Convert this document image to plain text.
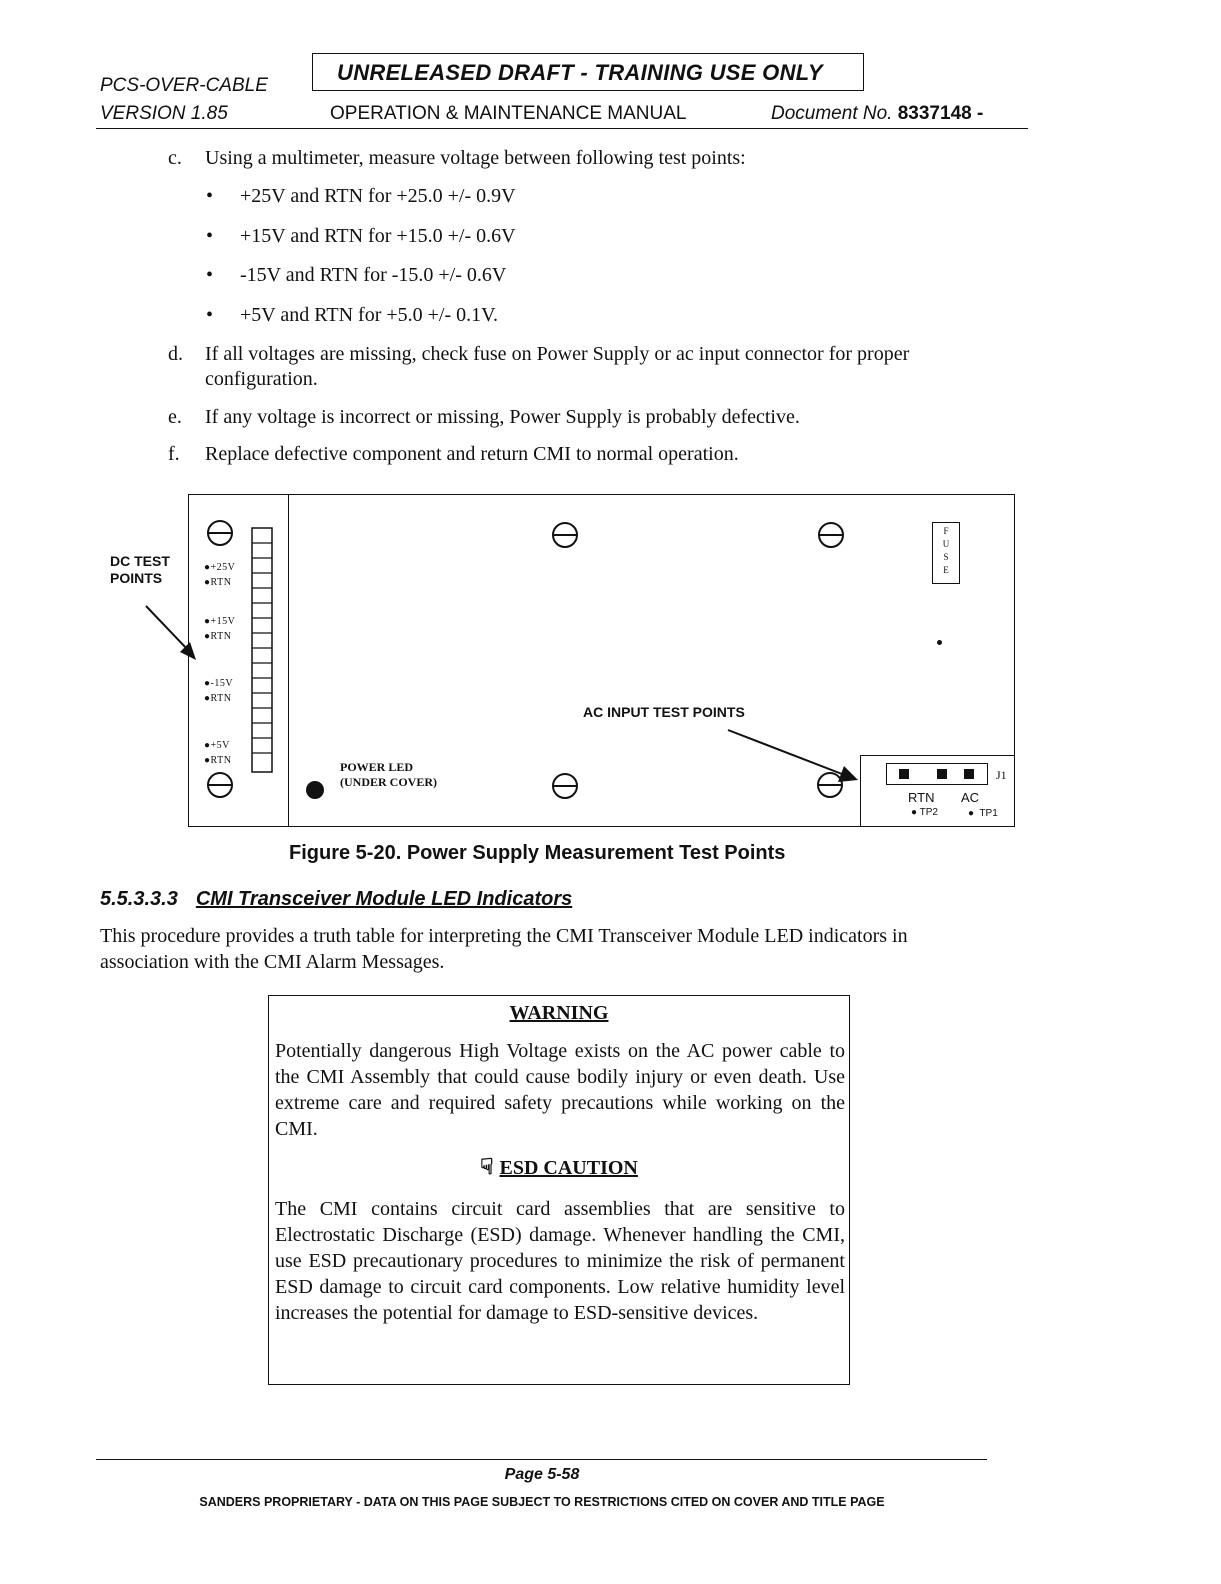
PCS-OVER-CABLE
VERSION 1.85
UNRELEASED DRAFT - TRAINING USE ONLY
OPERATION & MAINTENANCE MANUAL	Document No. 8337148 -
c. Using a multimeter, measure voltage between following test points:
• +25V and RTN for +25.0 +/- 0.9V
• +15V and RTN for +15.0 +/- 0.6V
• -15V and RTN for -15.0 +/- 0.6V
• +5V and RTN for +5.0 +/- 0.1V.
d. If all voltages are missing, check fuse on Power Supply or ac input connector for proper configuration.
e. If any voltage is incorrect or missing, Power Supply is probably defective.
f. Replace defective component and return CMI to normal operation.
DC TEST
POINTS
●+25V
●RTN
●+15V
●RTN
●-15V
●RTN
●+5V
●RTN
F
U
S
E
AC INPUT TEST POINTS
POWER LED
(UNDER COVER)	J1
RTN AC
● TP2	●  TP1
Figure 5-20. Power Supply Measurement Test Points
5.5.3.3.3 CMI Transceiver Module LED Indicators
This procedure provides a truth table for interpreting the CMI Transceiver Module LED indicators in association with the CMI Alarm Messages.
WARNING
Potentially dangerous High Voltage exists on the AC power cable to the CMI Assembly that could cause bodily injury or even death. Use extreme care and required safety precautions while working on the CMI.
☟ ESD CAUTION
The CMI contains circuit card assemblies that are sensitive to Electrostatic Discharge (ESD) damage. Whenever handling the CMI, use ESD precautionary procedures to minimize the risk of permanent ESD damage to circuit card components. Low relative humidity level increases the potential for damage to ESD-sensitive devices.
Page 5-58
SANDERS PROPRIETARY - DATA ON THIS PAGE SUBJECT TO RESTRICTIONS CITED ON COVER AND TITLE PAGE
